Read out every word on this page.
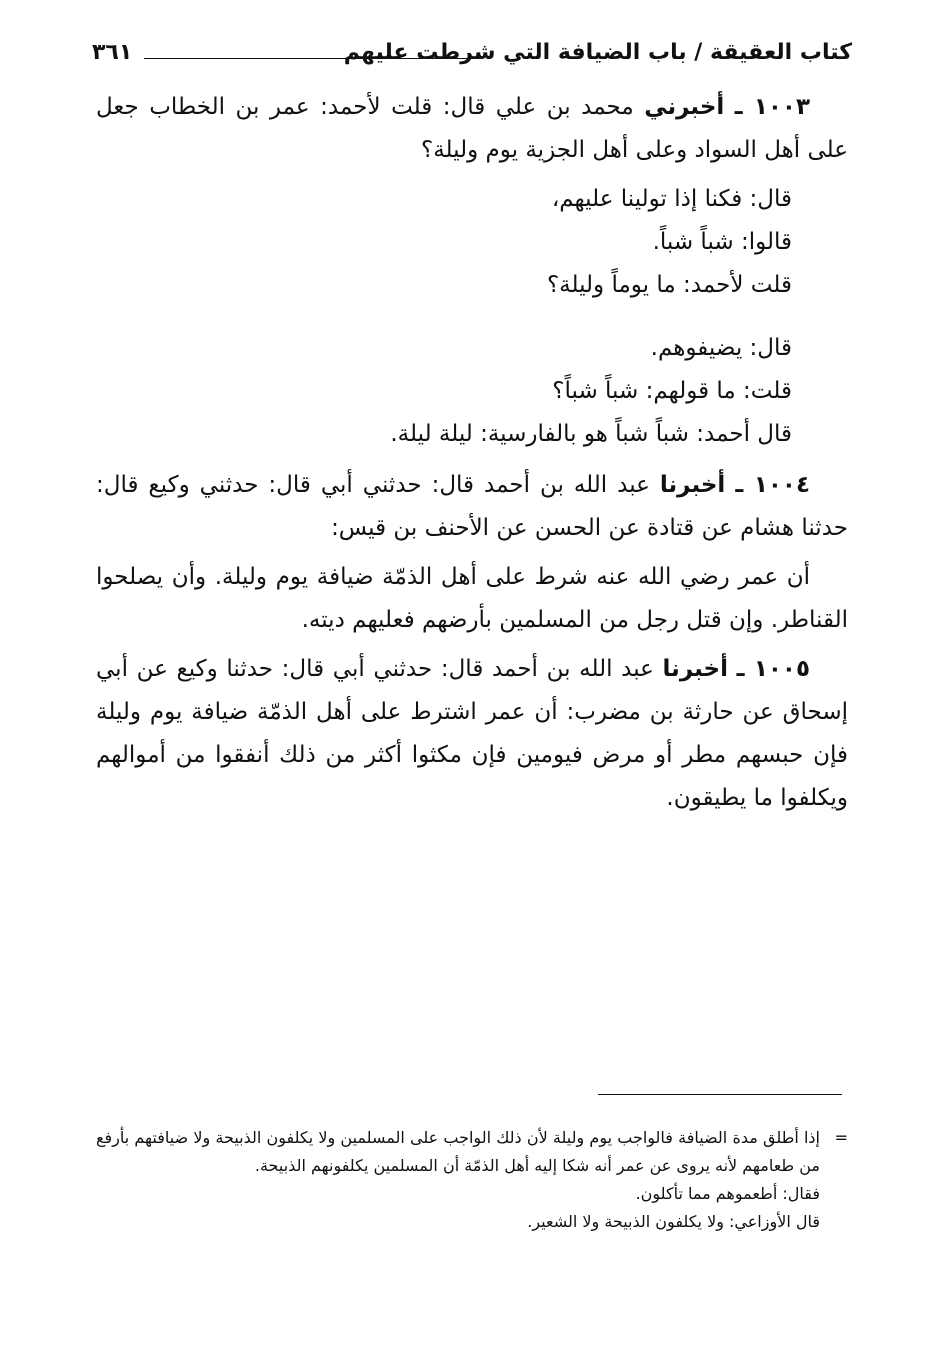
كتاب العقيقة / باب الضيافة التي شرطت عليهم
٣٦١

١٠٠٣ ـ أخبرني محمد بن علي قال: قلت لأحمد: عمر بن الخطاب جعل على أهل السواد وعلى أهل الجزية يوم وليلة؟

قال: فكنا إذا تولينا عليهم،

قالوا: شباً شباً.

قلت لأحمد: ما يوماً وليلة؟

قال: يضيفوهم.

قلت: ما قولهم: شباً شباً؟

قال أحمد: شباً شباً هو بالفارسية: ليلة ليلة.

١٠٠٤ ـ أخبرنا عبد الله بن أحمد قال: حدثني أبي قال: حدثني وكيع قال: حدثنا هشام عن قتادة عن الحسن عن الأحنف بن قيس:

أن عمر رضي الله عنه شرط على أهل الذمّة ضيافة يوم وليلة. وأن يصلحوا القناطر. وإن قتل رجل من المسلمين بأرضهم فعليهم ديته.

١٠٠٥ ـ أخبرنا عبد الله بن أحمد قال: حدثني أبي قال: حدثنا وكيع عن أبي إسحاق عن حارثة بن مضرب: أن عمر اشترط على أهل الذمّة ضيافة يوم وليلة فإن حبسهم مطر أو مرض فيومين فإن مكثوا أكثر من ذلك أنفقوا من أموالهم ويكلفوا ما يطيقون.

=
إذا أطلق مدة الضيافة فالواجب يوم وليلة لأن ذلك الواجب على المسلمين ولا يكلفون الذبيحة ولا ضيافتهم بأرفع من طعامهم لأنه يروى عن عمر أنه شكا إليه أهل الذمّة أن المسلمين يكلفونهم الذبيحة.

فقال: أطعموهم مما تأكلون.

قال الأوزاعي: ولا يكلفون الذبيحة ولا الشعير.
